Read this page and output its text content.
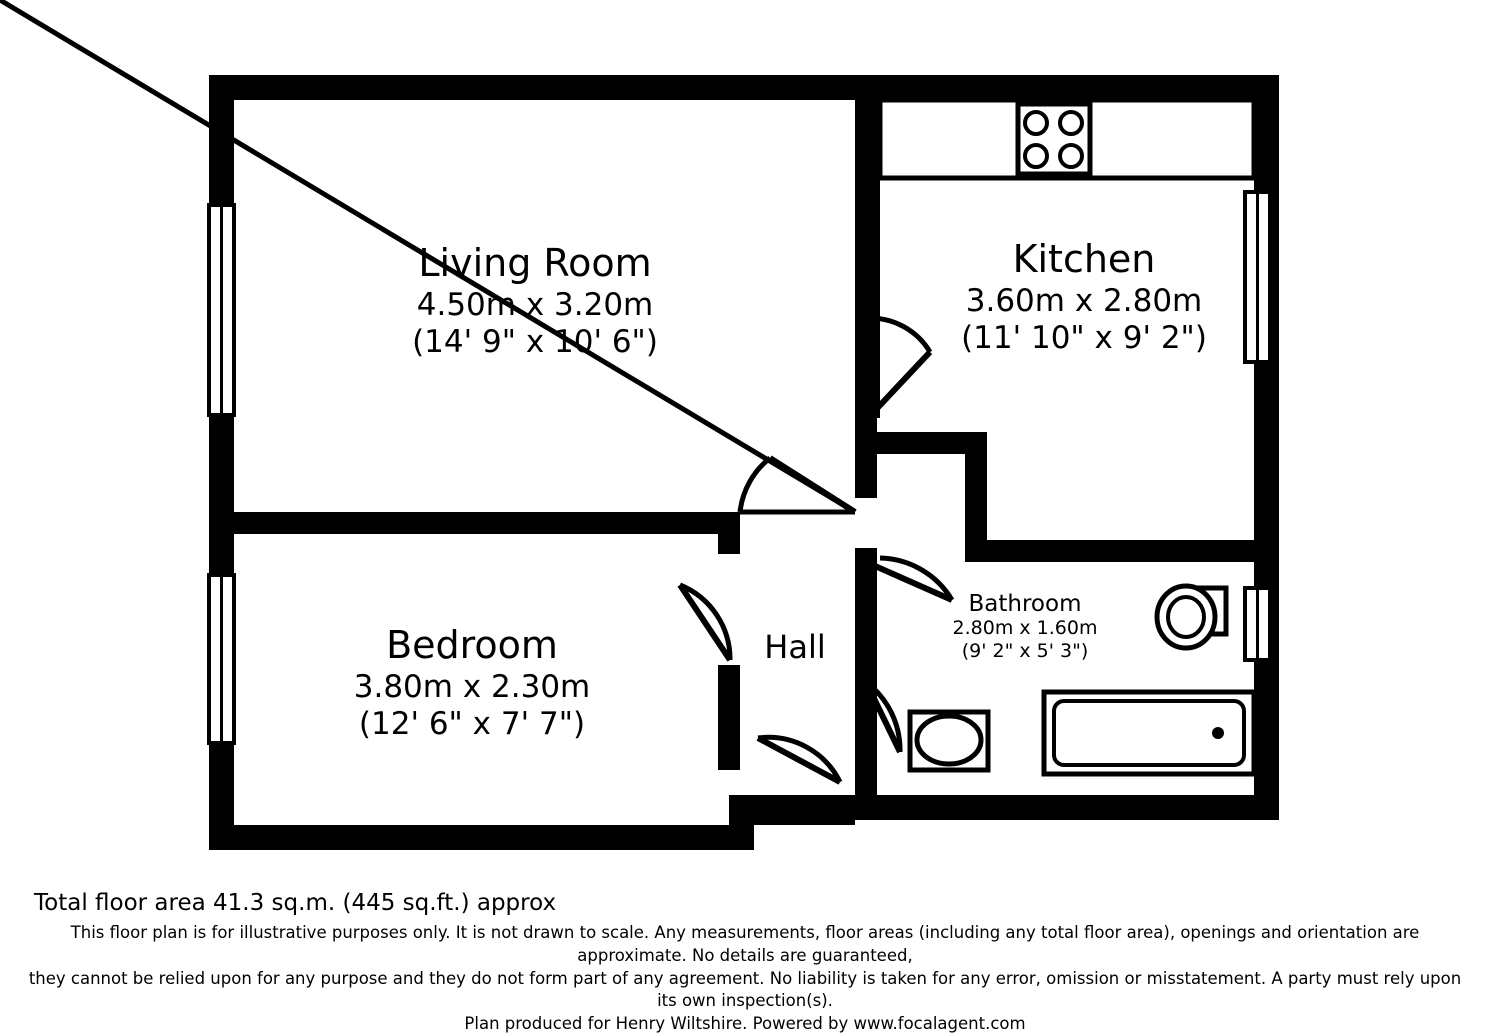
Living Room
4.50m x 3.20m
(14' 9" x 10' 6")
Kitchen
3.60m x 2.80m
(11' 10" x 9' 2")
Bedroom
3.80m x 2.30m
(12' 6" x 7' 7")
Bathroom
2.80m x 1.60m
(9' 2" x 5' 3")
Hall
Total floor area 41.3 sq.m. (445 sq.ft.) approx
This floor plan is for illustrative purposes only. It is not drawn to scale. Any measurements, floor areas (including any total floor area), openings and orientation are approximate. No details are guaranteed,
they cannot be relied upon for any purpose and they do not form part of any agreement. No liability is taken for any error, omission or misstatement. A party must rely upon its own inspection(s).
Plan produced for Henry Wiltshire. Powered by www.focalagent.com
